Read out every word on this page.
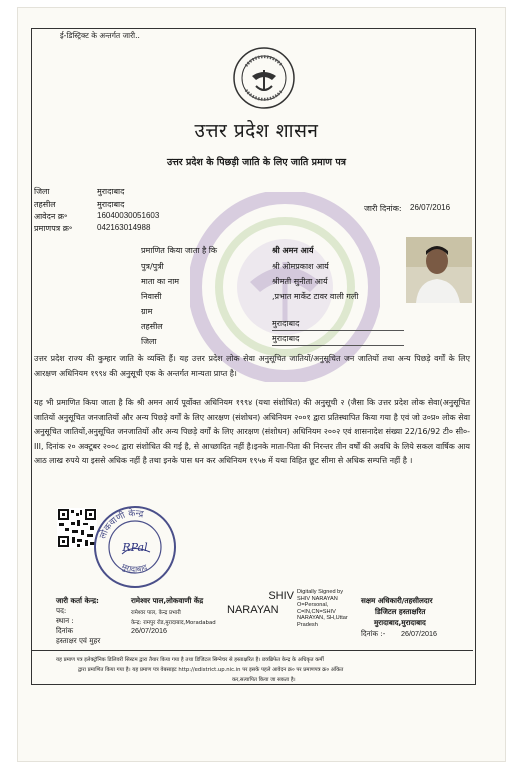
ई-डिस्ट्रिक्ट के अन्तर्गत जारी..
उत्तर प्रदेश शासन
उत्तर प्रदेश के पिछड़ी जाति के लिए जाति प्रमाण पत्र
जिला	मुरादाबाद
तहसील	मुरादाबाद
आवेदन क्र॰	16040030051603
प्रमाणपत्र क्र॰	042163014988
जारी दिनांक: 26/07/2016
प्रमाणित किया जाता है कि	श्री अमन आर्य
पुत्र/पुत्री	श्री ओमप्रकाश आर्य
माता का नाम	श्रीमती सुनीता आर्य
निवासी	,प्रभात मार्केट टावर वाली गली
ग्राम
तहसील	मुरादाबाद
जिला	मुरादाबाद
उत्तर प्रदेश राज्य की कुम्हार जाति के व्यक्ति हैं। यह उत्तर प्रदेश लोक सेवा अनुसूचित जातियों/अनुसूचित जन जातियों तथा अन्य पिछड़े वर्गों के लिए आरक्षण अधिनियम १९९४ की अनुसूची एक के अन्तर्गत मान्यता प्राप्त है।
यह भी प्रमाणित किया जाता है कि श्री अमन आर्य पूर्वोक्त अधिनियम १९९४ (यथा संशोधित) की अनुसूची २ (जैसा कि उत्तर प्रदेश लोक सेवा(अनुसूचित जातियों अनुसूचित जनजातियों और अन्य पिछड़े वर्गों के लिए आरक्षण (संशोधन) अधिनियम २००१ द्वारा प्रतिस्थापित किया गया है एवं जो उ०प्र० लोक सेवा अनुसूचित जातियों,अनुसूचित जनजातियों और अन्य पिछड़े वर्गों के लिए आरक्षण (संशोधन) अधिनियम २००२ एवं शासनादेश संख्या 22/16/92 टी० सी०-III, दिनांक २० अक्टूबर २००८ द्वारा संशोधित की गई है, से आच्छादित नहीं है।इनके माता-पिता की निरन्तर तीन वर्षों की अवधि के लिये सकल वार्षिक आय आठ लाख रुपये या इससे अधिक नहीं है तथा इनके पास धन कर अधिनियम १९५७ में यथा विहित छूट सीमा से अधिक सम्पत्ति नहीं है ।
लोकवाणी केन्द्र
मुरादाबाद
RPal
जारी कर्ता केन्द्र:	रामेश्वर पाल,लोकवाणी केंद्र
पद:	रामेश्वर पाल, केन्द्र प्रभारी
स्थान :	केन्द्र: रामपुर रोड,मुरादाबाद,Moradabad
दिनांक	26/07/2016
हस्ताक्षर एवं मुहर
SHIV
NARAYAN
Digitally Signed by
SHIV NARAYAN
O=Personal,
C=IN,CN=SHIV
NARAYAN, SH,Uttar
Pradesh
सक्षम अधिकारी/तहसीलदार
डिजिटल हस्ताक्षरित
मुरादाबाद,मुरादाबाद
दिनांक :- 26/07/2016
यह प्रमाण पत्र इलेक्ट्रॉनिक डिलिवरी सिस्टम द्वारा तैयार किया गया है तथा डिजिटल सिग्नेचर से हस्ताक्षरित है। छत्रब्रिफेत केन्द्र के अधिकृत कर्मी
द्वारा प्रमाणित किया गया है। यह प्रमाण पत्र वेबसाइट http://edistrict.up.nic.in पर इसके पहले आवेदन क्र० पर प्रमाणपत्र क्र० अंकित
कर,सत्यापित किया जा सकता है।
